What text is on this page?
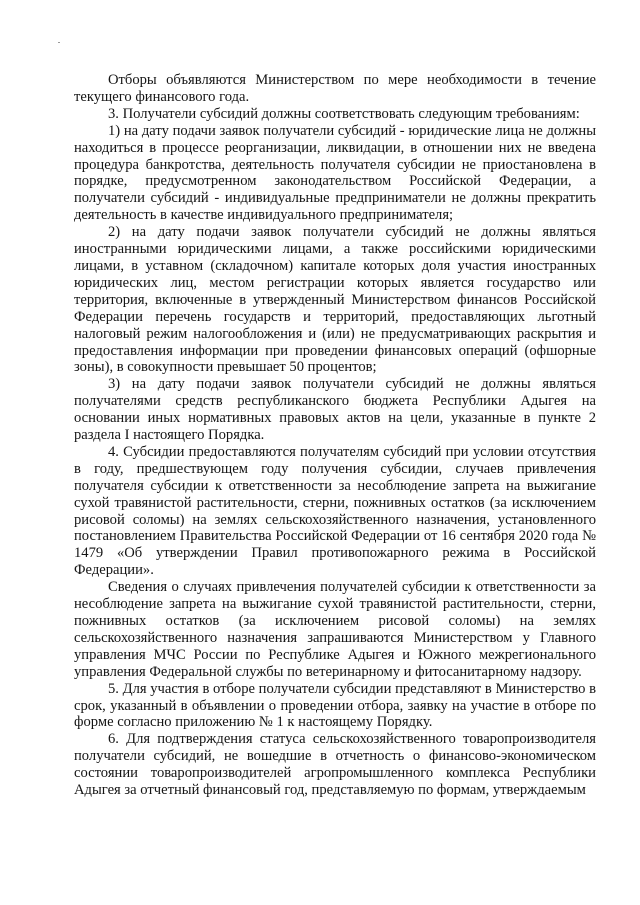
Отборы объявляются Министерством по мере необходимости в течение текущего финансового года.

3. Получатели субсидий должны соответствовать следующим требованиям:

1) на дату подачи заявок получатели субсидий - юридические лица не должны находиться в процессе реорганизации, ликвидации, в отношении них не введена процедура банкротства, деятельность получателя субсидии не приостановлена в порядке, предусмотренном законодательством Российской Федерации, а получатели субсидий - индивидуальные предприниматели не должны прекратить деятельность в качестве индивидуального предпринимателя;

2) на дату подачи заявок получатели субсидий не должны являться иностранными юридическими лицами, а также российскими юридическими лицами, в уставном (складочном) капитале которых доля участия иностранных юридических лиц, местом регистрации которых является государство или территория, включенные в утвержденный Министерством финансов Российской Федерации перечень государств и территорий, предоставляющих льготный налоговый режим налогообложения и (или) не предусматривающих раскрытия и предоставления информации при проведении финансовых операций (офшорные зоны), в совокупности превышает 50 процентов;

3) на дату подачи заявок получатели субсидий не должны являться получателями средств республиканского бюджета Республики Адыгея на основании иных нормативных правовых актов на цели, указанные в пункте 2 раздела I настоящего Порядка.

4. Субсидии предоставляются получателям субсидий при условии отсутствия в году, предшествующем году получения субсидии, случаев привлечения получателя субсидии к ответственности за несоблюдение запрета на выжигание сухой травянистой растительности, стерни, пожнивных остатков (за исключением рисовой соломы) на землях сельскохозяйственного назначения, установленного постановлением Правительства Российской Федерации от 16 сентября 2020 года № 1479 «Об утверждении Правил противопожарного режима в Российской Федерации».

Сведения о случаях привлечения получателей субсидии к ответственности за несоблюдение запрета на выжигание сухой травянистой растительности, стерни, пожнивных остатков (за исключением рисовой соломы) на землях сельскохозяйственного назначения запрашиваются Министерством у Главного управления МЧС России по Республике Адыгея и Южного межрегионального управления Федеральной службы по ветеринарному и фитосанитарному надзору.

5. Для участия в отборе получатели субсидии представляют в Министерство в срок, указанный в объявлении о проведении отбора, заявку на участие в отборе по форме согласно приложению № 1 к настоящему Порядку.

6. Для подтверждения статуса сельскохозяйственного товаропроизводителя получатели субсидий, не вошедшие в отчетность о финансово-экономическом состоянии товаропроизводителей агропромышленного комплекса Республики Адыгея за отчетный финансовый год, представляемую по формам, утверждаемым
